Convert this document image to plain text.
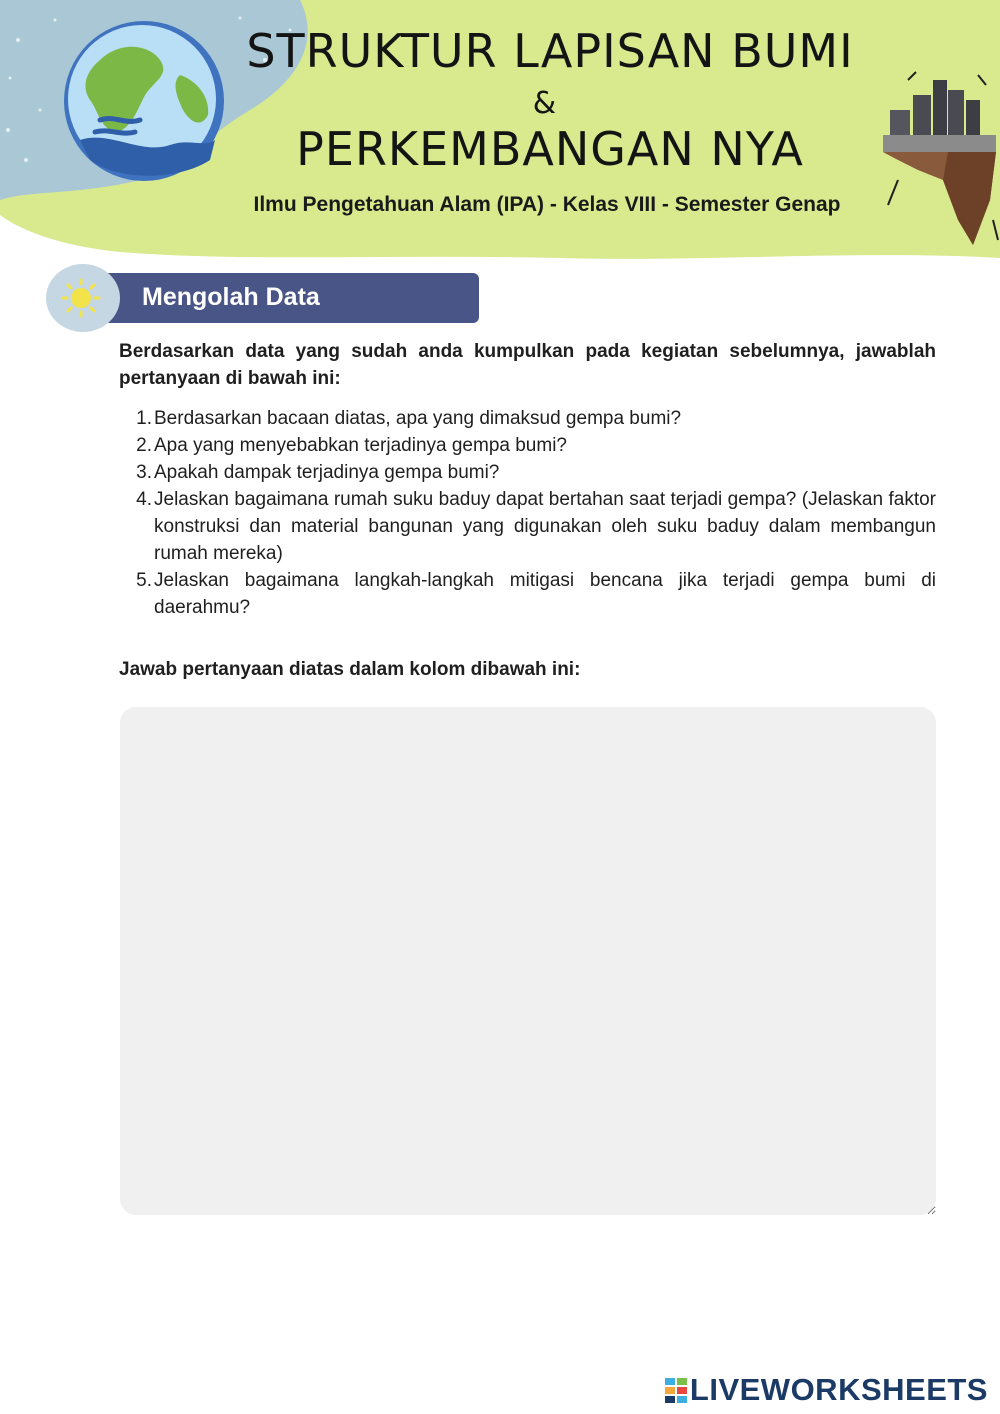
STRUKTUR LAPISAN BUMI
&
PERKEMBANGAN NYA
Ilmu Pengetahuan Alam (IPA) - Kelas VIII - Semester Genap
Mengolah Data
Berdasarkan data yang sudah anda kumpulkan pada kegiatan sebelumnya, jawablah pertanyaan di bawah ini:
1. Berdasarkan bacaan diatas, apa yang dimaksud gempa bumi?
2. Apa yang menyebabkan terjadinya gempa bumi?
3. Apakah dampak terjadinya gempa bumi?
4. Jelaskan bagaimana rumah suku baduy dapat bertahan saat terjadi gempa? (Jelaskan faktor konstruksi dan material bangunan yang digunakan oleh suku baduy dalam membangun rumah mereka)
5. Jelaskan bagaimana langkah-langkah mitigasi bencana jika terjadi gempa bumi di daerahmu?
Jawab pertanyaan diatas dalam kolom dibawah ini:
LIVEWORKSHEETS
